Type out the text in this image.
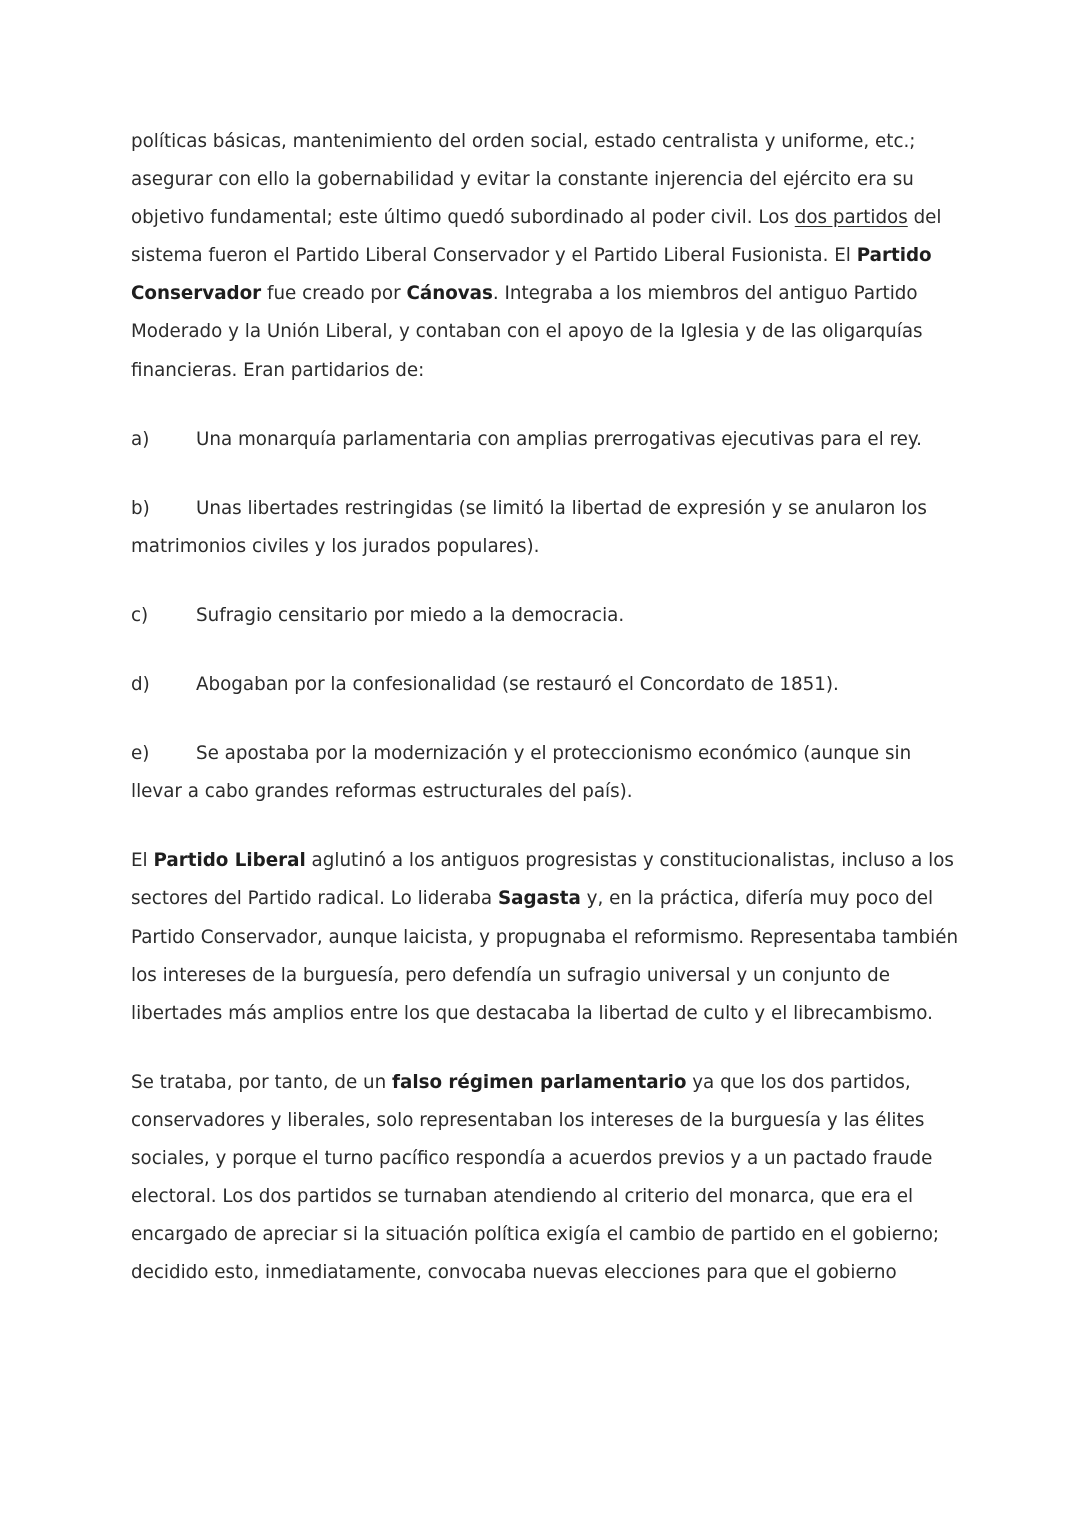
políticas básicas, mantenimiento del orden social, estado centralista y uniforme, etc.; asegurar con ello la gobernabilidad y evitar la constante injerencia del ejército era su objetivo fundamental; este último quedó subordinado al poder civil. Los dos partidos del sistema fueron el Partido Liberal Conservador y el Partido Liberal Fusionista. El Partido Conservador fue creado por Cánovas. Integraba a los miembros del antiguo Partido Moderado y la Unión Liberal, y contaban con el apoyo de la Iglesia y de las oligarquías financieras. Eran partidarios de:

a)	Una monarquía parlamentaria con amplias prerrogativas ejecutivas para el rey.

b)	Unas libertades restringidas (se limitó la libertad de expresión y se anularon los matrimonios civiles y los jurados populares).

c)	Sufragio censitario por miedo a la democracia.

d)	Abogaban por la confesionalidad (se restauró el Concordato de 1851).

e)	Se apostaba por la modernización y el proteccionismo económico (aunque sin llevar a cabo grandes reformas estructurales del país).

El Partido Liberal aglutinó a los antiguos progresistas y constitucionalistas, incluso a los sectores del Partido radical. Lo lideraba Sagasta y, en la práctica, difería muy poco del Partido Conservador, aunque laicista, y propugnaba el reformismo. Representaba también los intereses de la burguesía, pero defendía un sufragio universal y un conjunto de libertades más amplios entre los que destacaba la libertad de culto y el librecambismo.

Se trataba, por tanto, de un falso régimen parlamentario ya que los dos partidos, conservadores y liberales, solo representaban los intereses de la burguesía y las élites sociales, y porque el turno pacífico respondía a acuerdos previos y a un pactado fraude electoral. Los dos partidos se turnaban atendiendo al criterio del monarca, que era el encargado de apreciar si la situación política exigía el cambio de partido en el gobierno; decidido esto, inmediatamente, convocaba nuevas elecciones para que el gobierno
